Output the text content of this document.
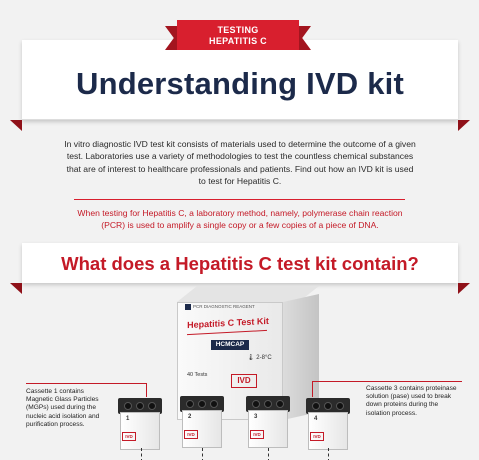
Understanding IVD kit
TESTING
HEPATITIS C

In vitro diagnostic IVD test kit consists of materials used to determine the outcome of a given test. Laboratories use a variety of methodologies to test the countless chemical substances that are of interest to healthcare professionals and patients. Find out how an IVD kit is used to test for Hepatitis C.

When testing for Hepatitis C, a laboratory method, namely, polymerase chain reaction (PCR) is used to amplify a single copy or a few copies of a piece of DNA.

What does a Hepatitis C test kit contain?
PCR DIAGNOSTIC REAGENT
Hepatitis C Test Kit
HCMCAP
🌡 2-8°C
40 Tests
IVD
1
IVD
2
IVD
3
IVD
4
IVD
Cassette 1 contains Magnetic Glass Particles (MGPs) used during the nucleic acid isolation and purification process.
Cassette 3 contains proteinase solution (pase) used to break down proteins during the isolation process.
